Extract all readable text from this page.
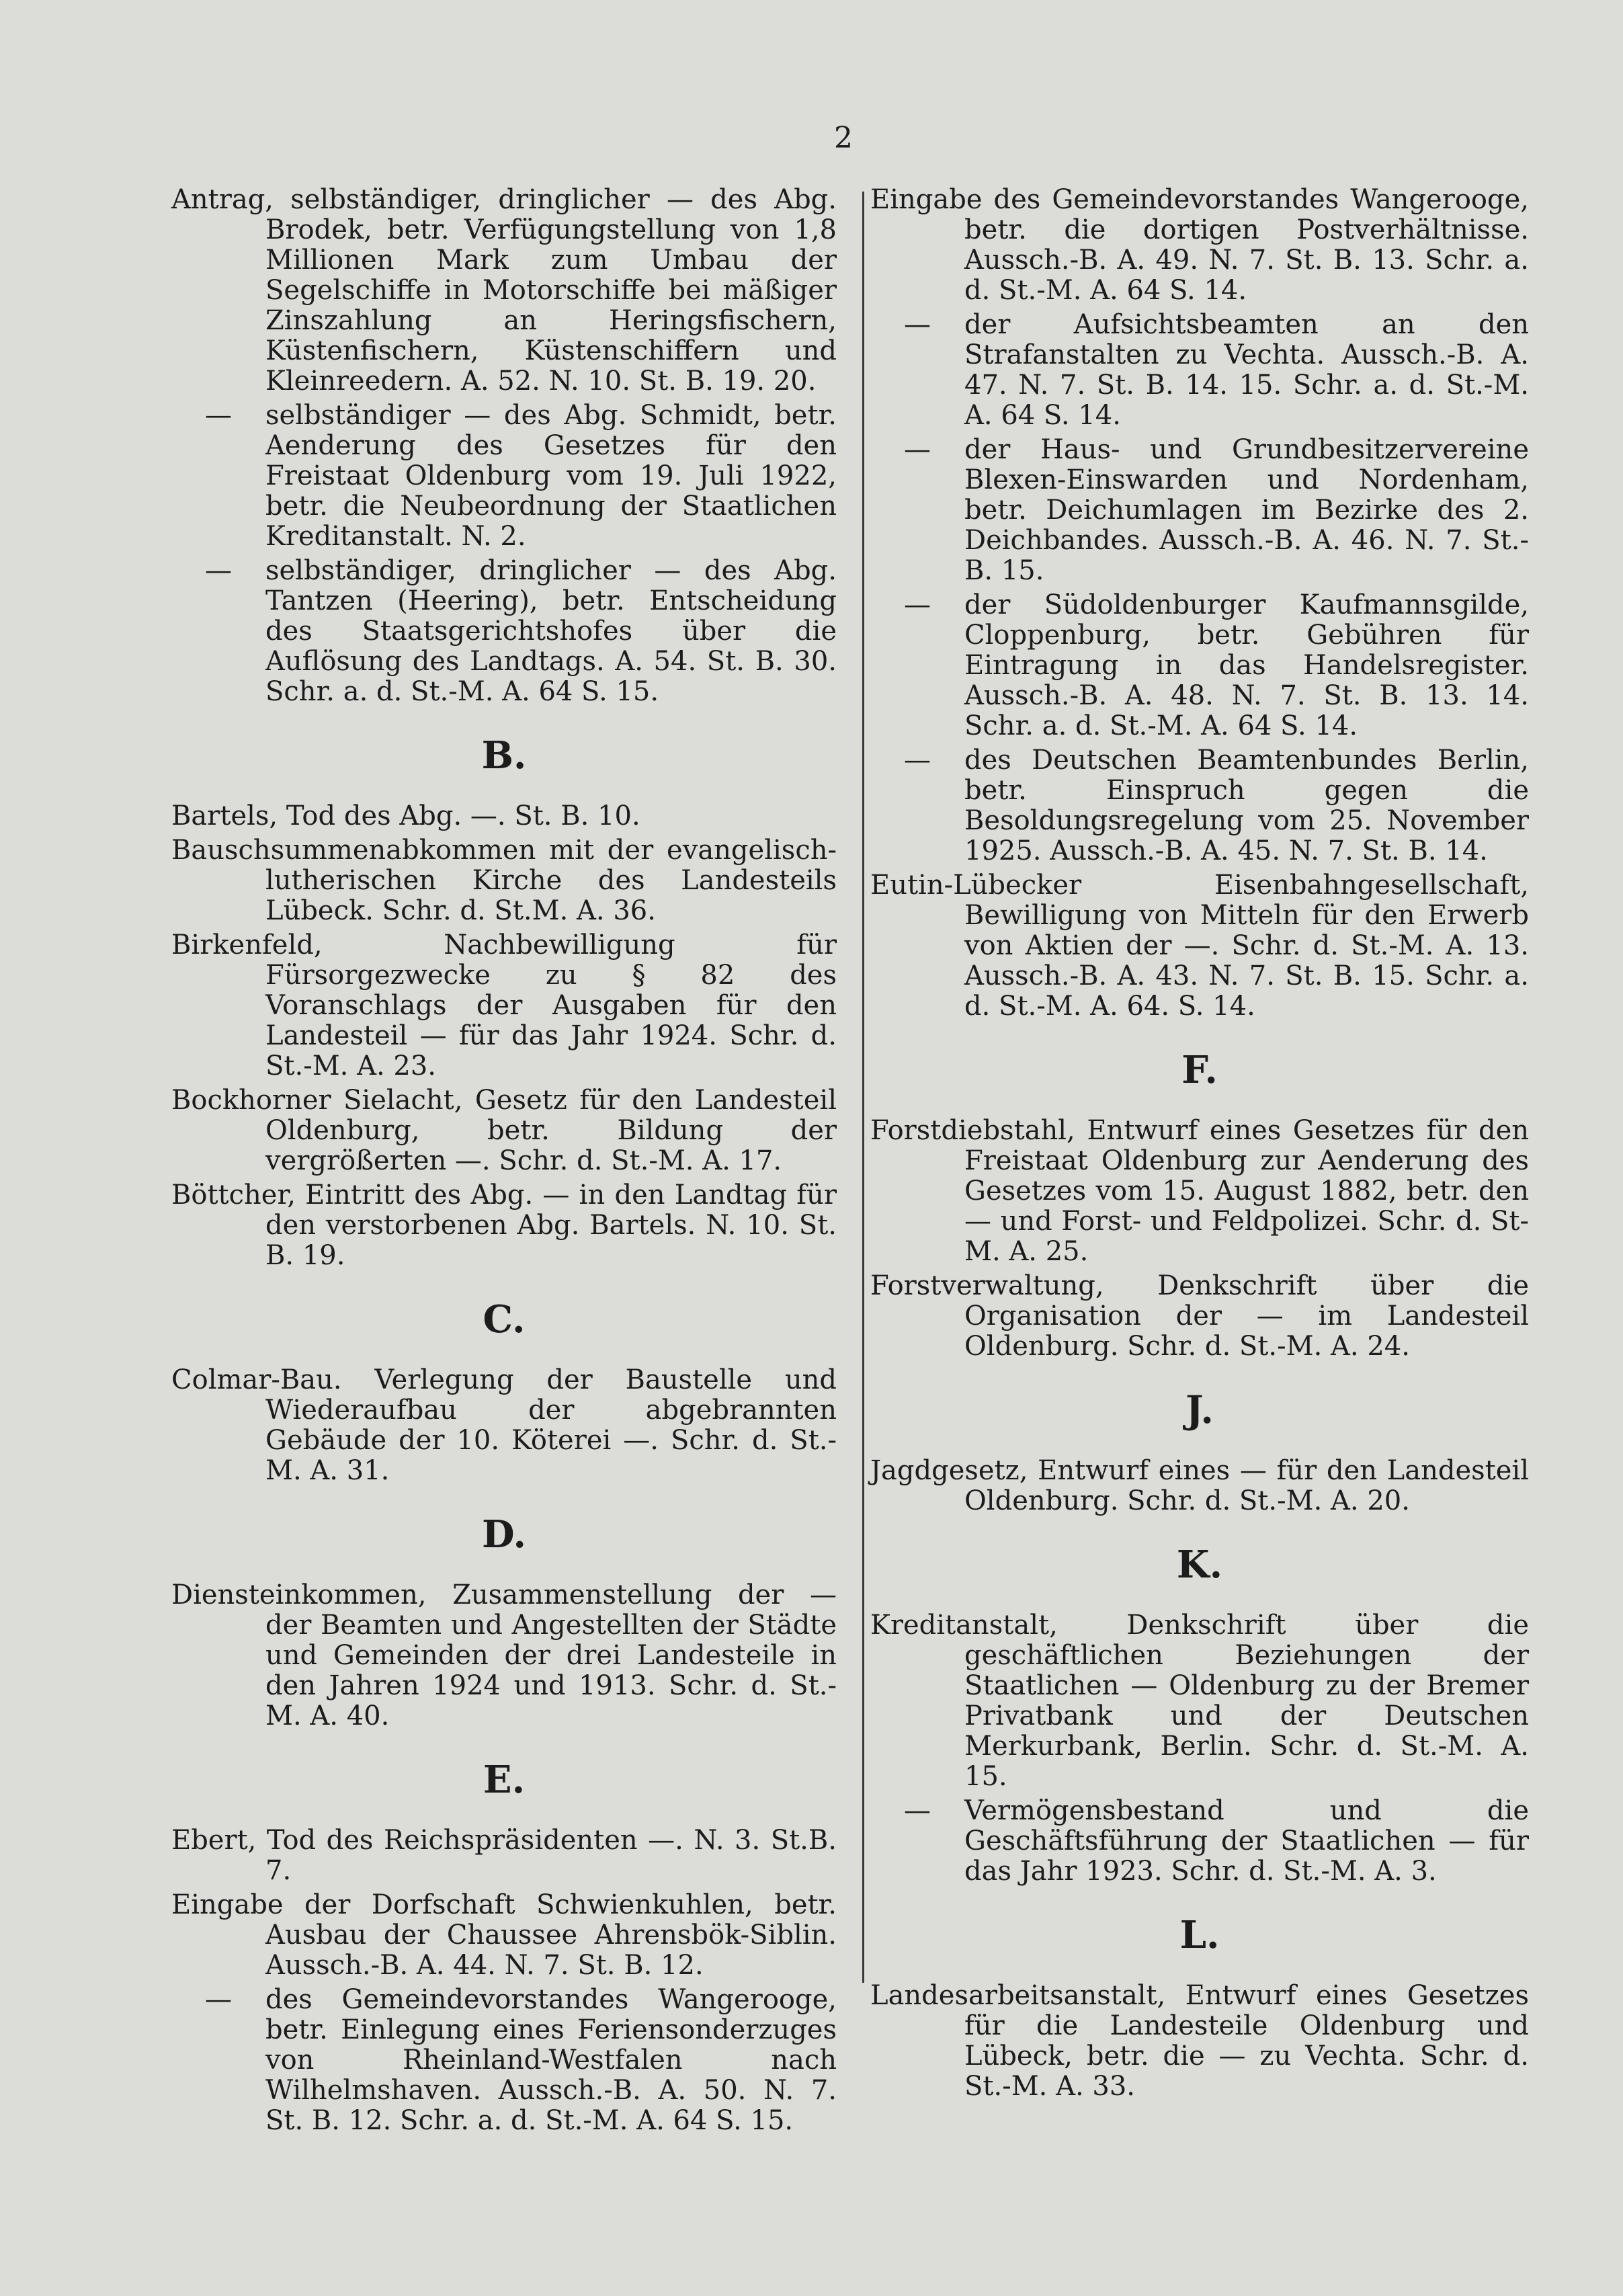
2
Antrag, selbständiger, dringlicher — des Abg. Brodek, betr. Verfügungstellung von 1,8 Millionen Mark zum Umbau der Segelschiffe in Motorschiffe bei mäßiger Zinszahlung an Heringsfischern, Küstenfischern, Küstenschiffern und Kleinreedern. A. 52. N. 10. St. B. 19. 20.
— selbständiger — des Abg. Schmidt, betr. Aenderung des Gesetzes für den Freistaat Oldenburg vom 19. Juli 1922, betr. die Neubeordnung der Staatlichen Kreditanstalt. N. 2.
— selbständiger, dringlicher — des Abg. Tantzen (Heering), betr. Entscheidung des Staatsgerichtshofes über die Auflösung des Landtags. A. 54. St. B. 30. Schr. a. d. St.-M. A. 64 S. 15.
B.
Bartels, Tod des Abg. —. St. B. 10.
Bauschsummenabkommen mit der evangelisch-lutherischen Kirche des Landesteils Lübeck. Schr. d. St.M. A. 36.
Birkenfeld, Nachbewilligung für Fürsorgezwecke zu § 82 des Voranschlags der Ausgaben für den Landesteil — für das Jahr 1924. Schr. d. St.-M. A. 23.
Bockhorner Sielacht, Gesetz für den Landesteil Oldenburg, betr. Bildung der vergrößerten —. Schr. d. St.-M. A. 17.
Böttcher, Eintritt des Abg. — in den Landtag für den verstorbenen Abg. Bartels. N. 10. St. B. 19.
C.
Colmar-Bau. Verlegung der Baustelle und Wiederaufbau der abgebrannten Gebäude der 10. Köterei —. Schr. d. St.-M. A. 31.
D.
Diensteinkommen, Zusammenstellung der — der Beamten und Angestellten der Städte und Gemeinden der drei Landesteile in den Jahren 1924 und 1913. Schr. d. St.-M. A. 40.
E.
Ebert, Tod des Reichspräsidenten —. N. 3. St.B. 7.
Eingabe der Dorfschaft Schwienkuhlen, betr. Ausbau der Chaussee Ahrensbök-Siblin. Aussch.-B. A. 44. N. 7. St. B. 12.
— des Gemeindevorstandes Wangerooge, betr. Einlegung eines Feriensonderzuges von Rheinland-Westfalen nach Wilhelmshaven. Aussch.-B. A. 50. N. 7. St. B. 12. Schr. a. d. St.-M. A. 64 S. 15.
Eingabe des Gemeindevorstandes Wangerooge, betr. die dortigen Postverhältnisse. Aussch.-B. A. 49. N. 7. St. B. 13. Schr. a. d. St.-M. A. 64 S. 14.
— der Aufsichtsbeamten an den Strafanstalten zu Vechta. Aussch.-B. A. 47. N. 7. St. B. 14. 15. Schr. a. d. St.-M. A. 64 S. 14.
— der Haus- und Grundbesitzervereine Blexen-Einswarden und Nordenham, betr. Deichumlagen im Bezirke des 2. Deichbandes. Aussch.-B. A. 46. N. 7. St.-B. 15.
— der Südoldenburger Kaufmannsgilde, Cloppenburg, betr. Gebühren für Eintragung in das Handelsregister. Aussch.-B. A. 48. N. 7. St. B. 13. 14. Schr. a. d. St.-M. A. 64 S. 14.
— des Deutschen Beamtenbundes Berlin, betr. Einspruch gegen die Besoldungsregelung vom 25. November 1925. Aussch.-B. A. 45. N. 7. St. B. 14.
Eutin-Lübecker Eisenbahngesellschaft, Bewilligung von Mitteln für den Erwerb von Aktien der —. Schr. d. St.-M. A. 13. Aussch.-B. A. 43. N. 7. St. B. 15. Schr. a. d. St.-M. A. 64. S. 14.
F.
Forstdiebstahl, Entwurf eines Gesetzes für den Freistaat Oldenburg zur Aenderung des Gesetzes vom 15. August 1882, betr. den — und Forst- und Feldpolizei. Schr. d. St-M. A. 25.
Forstverwaltung, Denkschrift über die Organisation der — im Landesteil Oldenburg. Schr. d. St.-M. A. 24.
J.
Jagdgesetz, Entwurf eines — für den Landesteil Oldenburg. Schr. d. St.-M. A. 20.
K.
Kreditanstalt, Denkschrift über die geschäftlichen Beziehungen der Staatlichen — Oldenburg zu der Bremer Privatbank und der Deutschen Merkurbank, Berlin. Schr. d. St.-M. A. 15.
— Vermögensbestand und die Geschäftsführung der Staatlichen — für das Jahr 1923. Schr. d. St.-M. A. 3.
L.
Landesarbeitsanstalt, Entwurf eines Gesetzes für die Landesteile Oldenburg und Lübeck, betr. die — zu Vechta. Schr. d. St.-M. A. 33.
